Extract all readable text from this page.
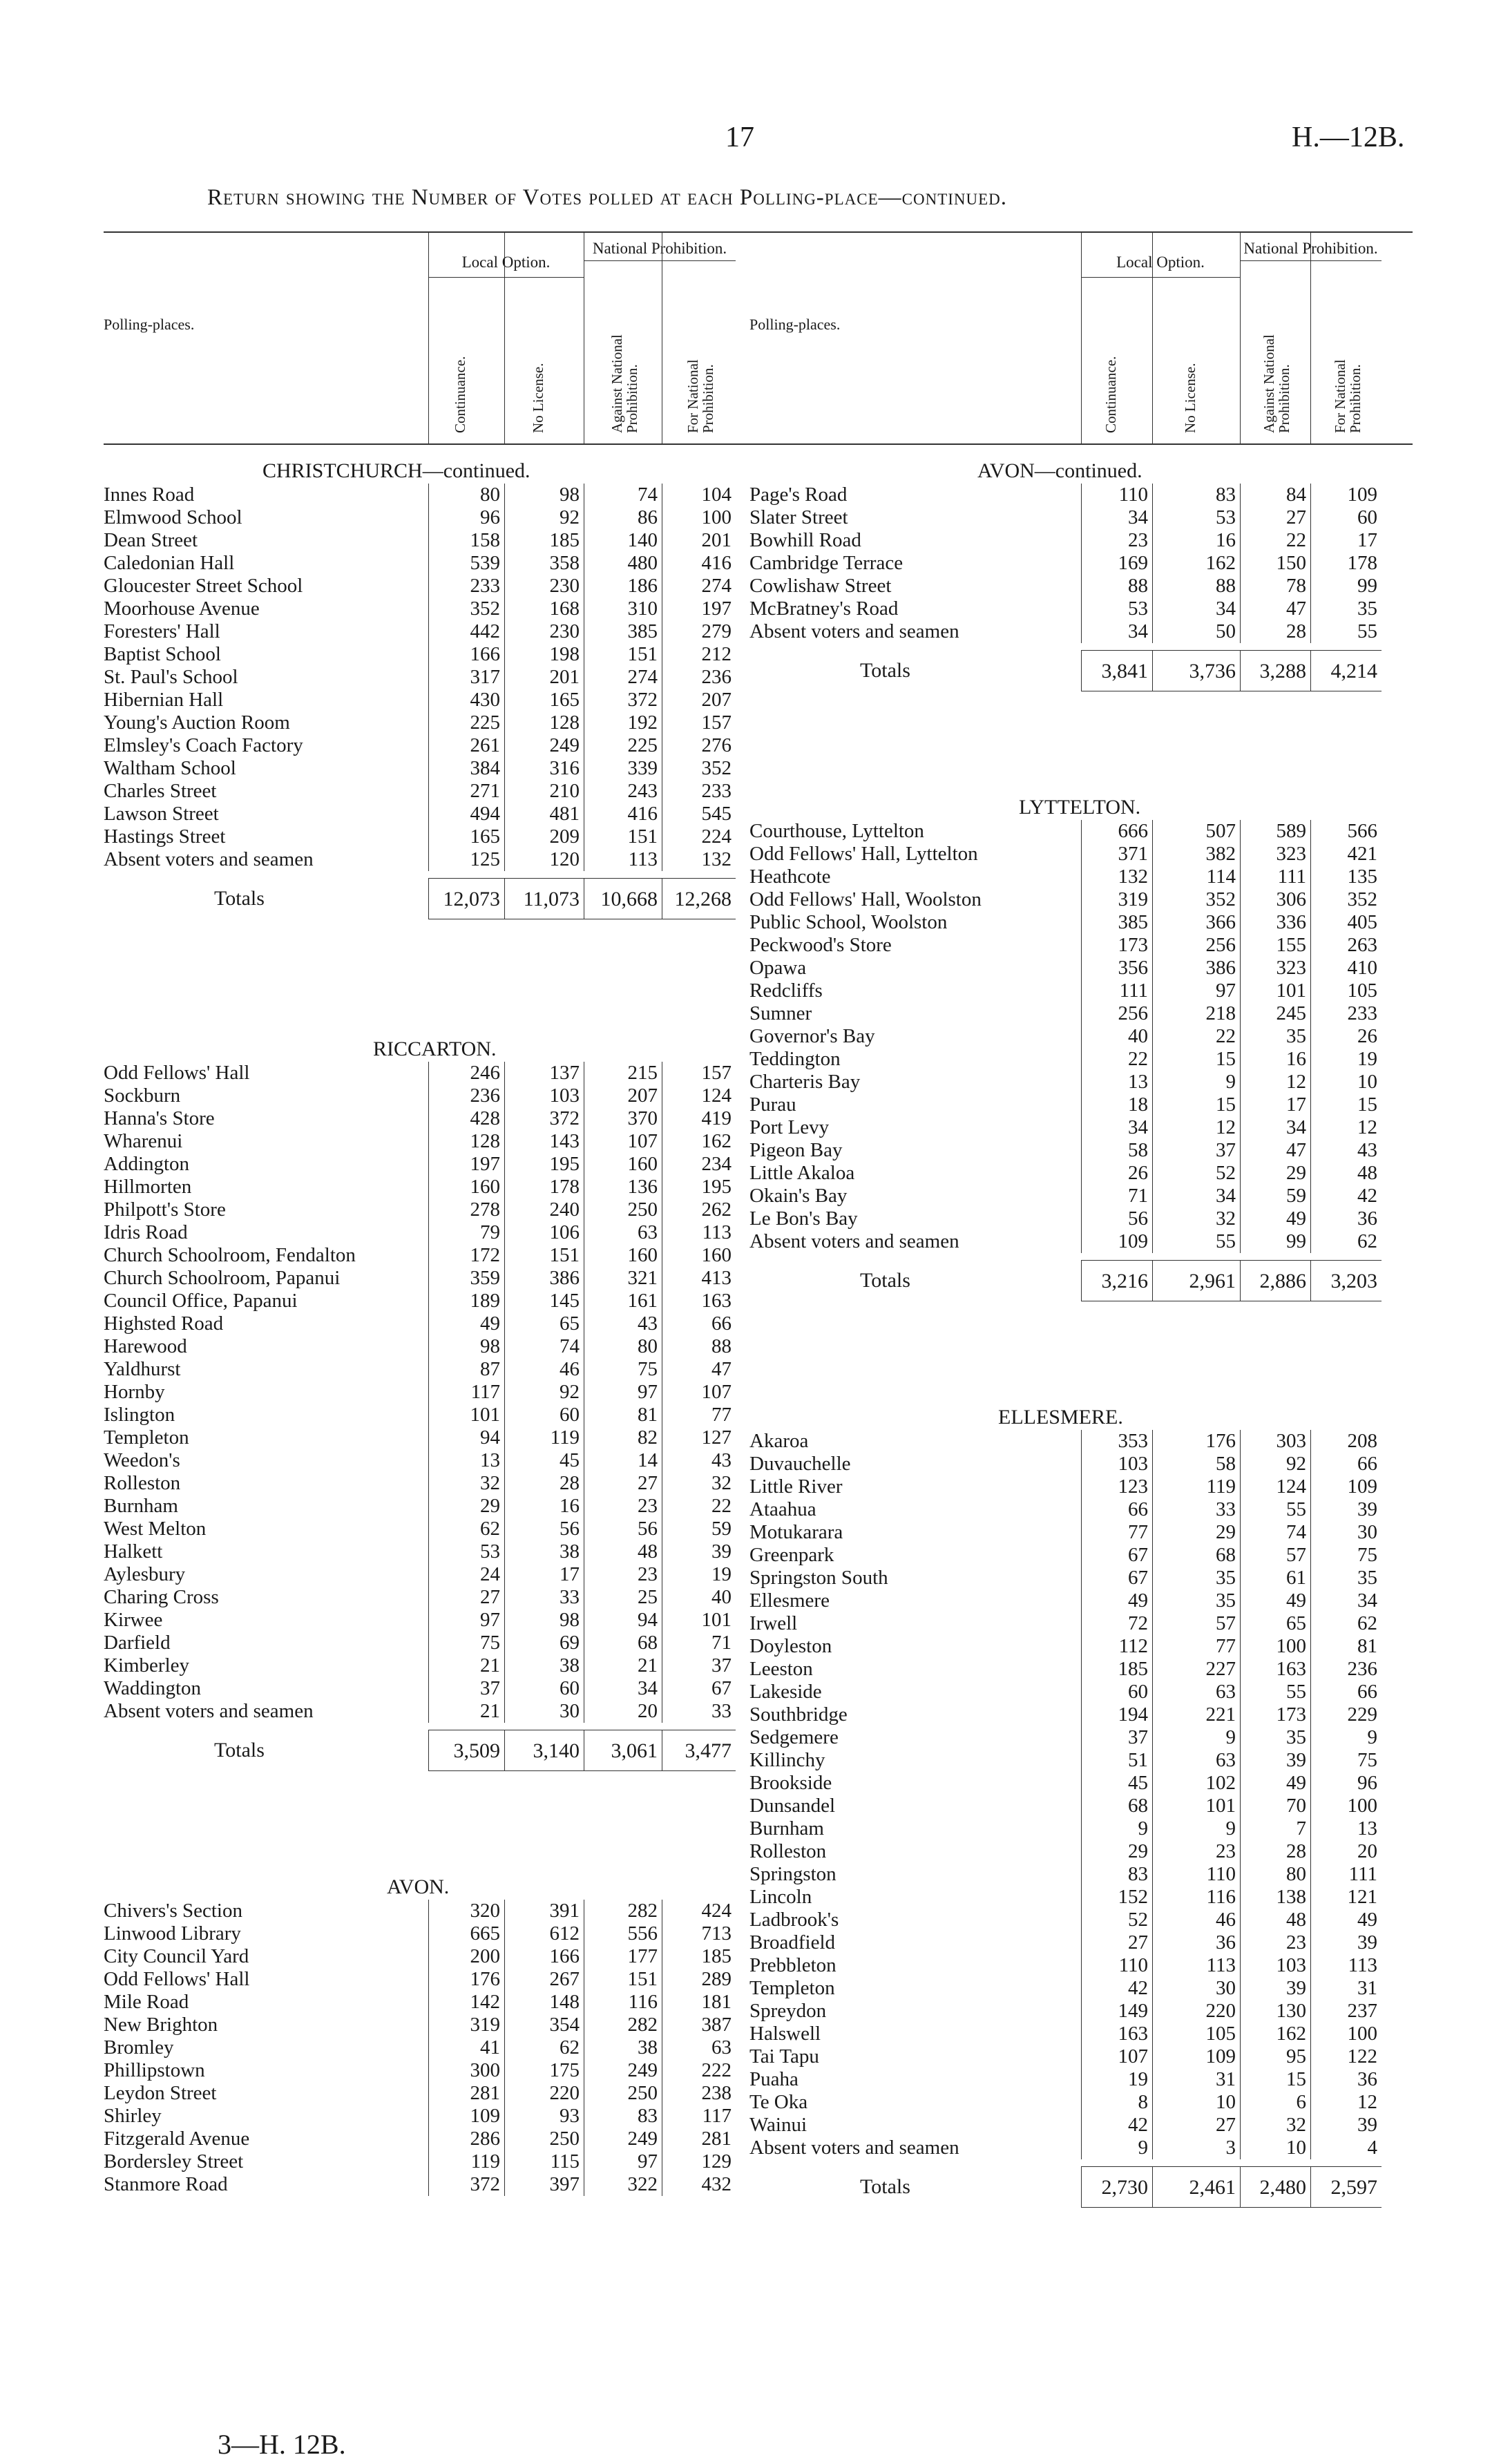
17	H.—12B.
Return showing the Number of Votes polled at each Polling-place—continued.
Polling-places.
Local Option.
National Prohibition.
Continuance.	No License.	Against National Prohibition.	For National Prohibition.
CHRISTCHURCH—continued.
Innes Road	80	98	74	104
Elmwood School	96	92	86	100
Dean Street	158	185	140	201
Caledonian Hall	539	358	480	416
Gloucester Street School	233	230	186	274
Moorhouse Avenue	352	168	310	197
Foresters' Hall	442	230	385	279
Baptist School	166	198	151	212
St. Paul's School	317	201	274	236
Hibernian Hall	430	165	372	207
Young's Auction Room	225	128	192	157
Elmsley's Coach Factory	261	249	225	276
Waltham School	384	316	339	352
Charles Street	271	210	243	233
Lawson Street	494	481	416	545
Hastings Street	165	209	151	224
Absent voters and seamen	125	120	113	132
Totals	12,073	11,073	10,668 12,268
RICCARTON.
Odd Fellows' Hall	246	137	215	157
Sockburn	236	103	207	124
Hanna's Store	428	372	370	419
Wharenui	128	143	107	162
Addington	197	195	160	234
Hillmorten	160	178	136	195
Philpott's Store	278	240	250	262
Idris Road	79	106	63	113
Church Schoolroom, Fendalton	172	151	160	160
Church Schoolroom, Papanui	359	386	321	413
Council Office, Papanui	189	145	161	163
Highsted Road	49	65	43	66
Harewood	98	74	80	88
Yaldhurst	87	46	75	47
Hornby	117	92	97	107
Islington	101	60	81	77
Templeton	94	119	82	127
Weedon's	13	45	14	43
Rolleston	32	28	27	32
Burnham	29	16	23	22
West Melton	62	56	56	59
Halkett	53	38	48	39
Aylesbury	24	17	23	19
Charing Cross	27	33	25	40
Kirwee	97	98	94	101
Darfield	75	69	68	71
Kimberley	21	38	21	37
Waddington	37	60	34	67
Absent voters and seamen	21	30	20	33
Totals	3,509	3,140	3,061	3,477
AVON.
Chivers's Section	320	391	282	424
Linwood Library	665	612	556	713
City Council Yard	200	166	177	185
Odd Fellows' Hall	176	267	151	289
Mile Road	142	148	116	181
New Brighton	319	354	282	387
Bromley	41	62	38	63
Phillipstown	300	175	249	222
Leydon Street	281	220	250	238
Shirley	109	93	83	117
Fitzgerald Avenue	286	250	249	281
Bordersley Street	119	115	97	129
Stanmore Road	372	397	322	432
Polling-places.
Local Option.
National Prohibition.
Continuance.	No License.	Against National Prohibition.	For National Prohibition.
AVON—continued.
Page's Road	110	83	84	109
Slater Street	34	53	27	60
Bowhill Road	23	16	22	17
Cambridge Terrace	169	162	150	178
Cowlishaw Street	88	88	78	99
McBratney's Road	53	34	47	35
Absent voters and seamen	34	50	28	55
Totals	3,841	3,736	3,288	4,214
LYTTELTON.
Courthouse, Lyttelton	666	507	589	566
Odd Fellows' Hall, Lyttelton	371	382	323	421
Heathcote	132	114	111	135
Odd Fellows' Hall, Woolston	319	352	306	352
Public School, Woolston	385	366	336	405
Peckwood's Store	173	256	155	263
Opawa	356	386	323	410
Redcliffs	111	97	101	105
Sumner	256	218	245	233
Governor's Bay	40	22	35	26
Teddington	22	15	16	19
Charteris Bay	13	9	12	10
Purau	18	15	17	15
Port Levy	34	12	34	12
Pigeon Bay	58	37	47	43
Little Akaloa	26	52	29	48
Okain's Bay	71	34	59	42
Le Bon's Bay	56	32	49	36
Absent voters and seamen	109	55	99	62
Totals	3,216	2,961	2,886	3,203
ELLESMERE.
Akaroa	353	176	303	208
Duvauchelle	103	58	92	66
Little River	123	119	124	109
Ataahua	66	33	55	39
Motukarara	77	29	74	30
Greenpark	67	68	57	75
Springston South	67	35	61	35
Ellesmere	49	35	49	34
Irwell	72	57	65	62
Doyleston	112	77	100	81
Leeston	185	227	163	236
Lakeside	60	63	55	66
Southbridge	194	221	173	229
Sedgemere	37	9	35	9
Killinchy	51	63	39	75
Brookside	45	102	49	96
Dunsandel	68	101	70	100
Burnham	9	9	7	13
Rolleston	29	23	28	20
Springston	83	110	80	111
Lincoln	152	116	138	121
Ladbrook's	52	46	48	49
Broadfield	27	36	23	39
Prebbleton	110	113	103	113
Templeton	42	30	39	31
Spreydon	149	220	130	237
Halswell	163	105	162	100
Tai Tapu	107	109	95	122
Puaha	19	31	15	36
Te Oka	8	10	6	12
Wainui	42	27	32	39
Absent voters and seamen	9	3	10	4
Totals	2,730	2,461	2,480	2,597
3—H. 12B.
